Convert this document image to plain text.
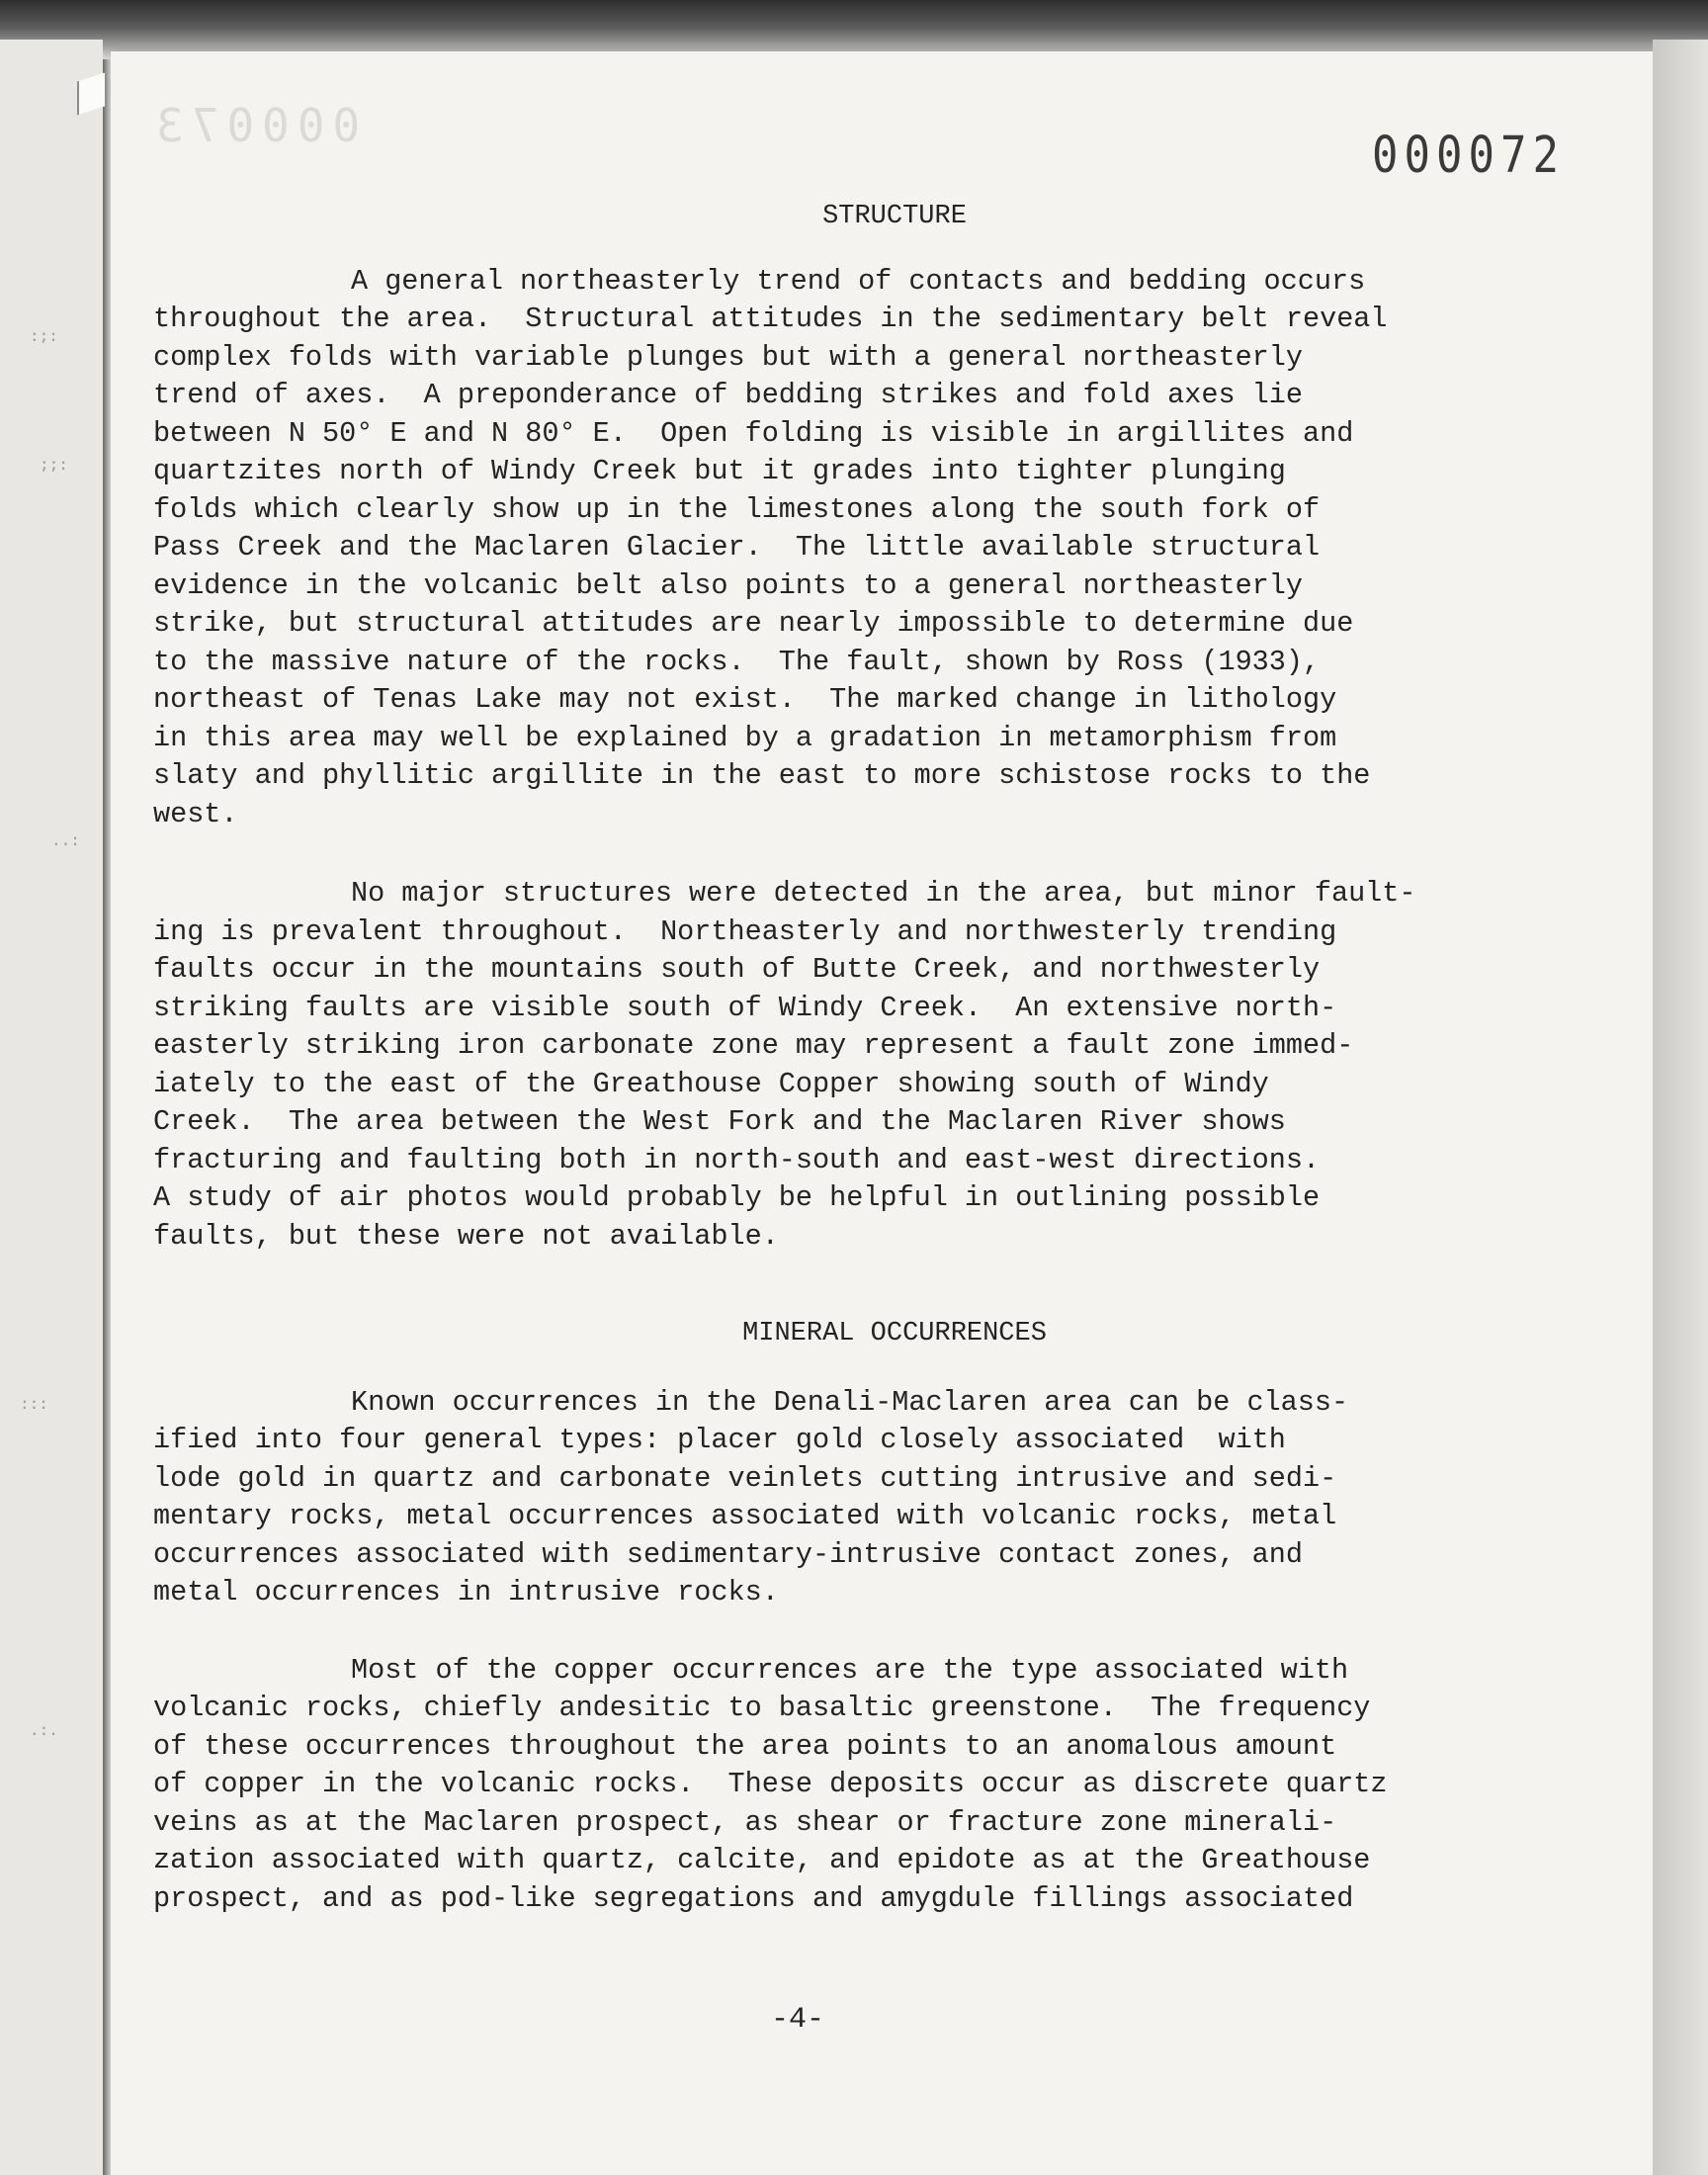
:;:
;;:
..:
:::
.:.
000073
000072
STRUCTURE
A general northeasterly trend of contacts and bedding occurs
throughout the area.  Structural attitudes in the sedimentary belt reveal
complex folds with variable plunges but with a general northeasterly
trend of axes.  A preponderance of bedding strikes and fold axes lie
between N 50° E and N 80° E.  Open folding is visible in argillites and
quartzites north of Windy Creek but it grades into tighter plunging
folds which clearly show up in the limestones along the south fork of
Pass Creek and the Maclaren Glacier.  The little available structural
evidence in the volcanic belt also points to a general northeasterly
strike, but structural attitudes are nearly impossible to determine due
to the massive nature of the rocks.  The fault, shown by Ross (1933),
northeast of Tenas Lake may not exist.  The marked change in lithology
in this area may well be explained by a gradation in metamorphism from
slaty and phyllitic argillite in the east to more schistose rocks to the
west.
No major structures were detected in the area, but minor fault-
ing is prevalent throughout.  Northeasterly and northwesterly trending
faults occur in the mountains south of Butte Creek, and northwesterly
striking faults are visible south of Windy Creek.  An extensive north-
easterly striking iron carbonate zone may represent a fault zone immed-
iately to the east of the Greathouse Copper showing south of Windy
Creek.  The area between the West Fork and the Maclaren River shows
fracturing and faulting both in north-south and east-west directions.
A study of air photos would probably be helpful in outlining possible
faults, but these were not available.
MINERAL OCCURRENCES
Known occurrences in the Denali-Maclaren area can be class-
ified into four general types: placer gold closely associated  with
lode gold in quartz and carbonate veinlets cutting intrusive and sedi-
mentary rocks, metal occurrences associated with volcanic rocks, metal
occurrences associated with sedimentary-intrusive contact zones, and
metal occurrences in intrusive rocks.
Most of the copper occurrences are the type associated with
volcanic rocks, chiefly andesitic to basaltic greenstone.  The frequency
of these occurrences throughout the area points to an anomalous amount
of copper in the volcanic rocks.  These deposits occur as discrete quartz
veins as at the Maclaren prospect, as shear or fracture zone minerali-
zation associated with quartz, calcite, and epidote as at the Greathouse
prospect, and as pod-like segregations and amygdule fillings associated
-4-
